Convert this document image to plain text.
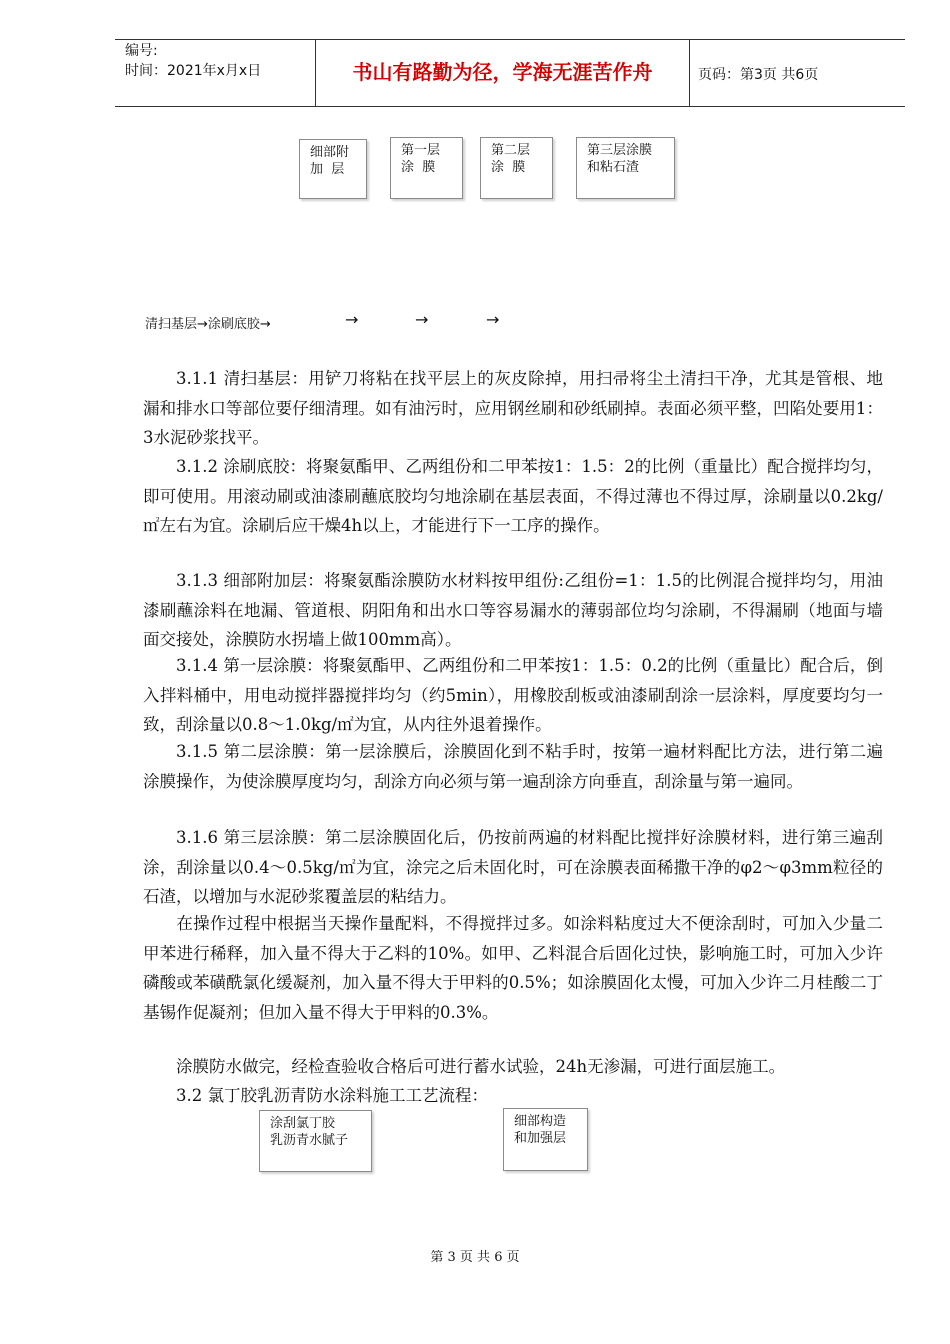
编号:
时间：2021年x月x日	书山有路勤为径，学海无涯苦作舟	页码：第3页 共6页
细部附
加  层
第一层
涂  膜
第二层
涂  膜
第三层涂膜
和粘石渣
清扫基层→涂刷底胶→	→	→	→
3.1.1 清扫基层：用铲刀将粘在找平层上的灰皮除掉，用扫帚将尘土清扫干净，尤其是管根、地漏和排水口等部位要仔细清理。如有油污时，应用钢丝刷和砂纸刷掉。表面必须平整，凹陷处要用1：3水泥砂浆找平。
3.1.2 涂刷底胶：将聚氨酯甲、乙两组份和二甲苯按1：1.5：2的比例（重量比）配合搅拌均匀，即可使用。用滚动刷或油漆刷蘸底胶均匀地涂刷在基层表面，不得过薄也不得过厚，涂刷量以0.2kg/㎡左右为宜。涂刷后应干燥4h以上，才能进行下一工序的操作。
3.1.3 细部附加层：将聚氨酯涂膜防水材料按甲组份:乙组份=1：1.5的比例混合搅拌均匀，用油漆刷蘸涂料在地漏、管道根、阴阳角和出水口等容易漏水的薄弱部位均匀涂刷，不得漏刷（地面与墙面交接处，涂膜防水拐墙上做100mm高）。
3.1.4 第一层涂膜：将聚氨酯甲、乙两组份和二甲苯按1：1.5：0.2的比例（重量比）配合后，倒入拌料桶中，用电动搅拌器搅拌均匀（约5min），用橡胶刮板或油漆刷刮涂一层涂料，厚度要均匀一致，刮涂量以0.8～1.0kg/㎡为宜，从内往外退着操作。
3.1.5 第二层涂膜：第一层涂膜后，涂膜固化到不粘手时，按第一遍材料配比方法，进行第二遍涂膜操作，为使涂膜厚度均匀，刮涂方向必须与第一遍刮涂方向垂直，刮涂量与第一遍同。
3.1.6 第三层涂膜：第二层涂膜固化后，仍按前两遍的材料配比搅拌好涂膜材料，进行第三遍刮涂，刮涂量以0.4～0.5kg/㎡为宜，涂完之后未固化时，可在涂膜表面稀撒干净的φ2～φ3mm粒径的石渣，以增加与水泥砂浆覆盖层的粘结力。
在操作过程中根据当天操作量配料，不得搅拌过多。如涂料粘度过大不便涂刮时，可加入少量二甲苯进行稀释，加入量不得大于乙料的10%。如甲、乙料混合后固化过快，影响施工时，可加入少许磷酸或苯磺酰氯化缓凝剂，加入量不得大于甲料的0.5%；如涂膜固化太慢，可加入少许二月桂酸二丁基锡作促凝剂；但加入量不得大于甲料的0.3%。
涂膜防水做完，经检查验收合格后可进行蓄水试验，24h无渗漏，可进行面层施工。
3.2 氯丁胶乳沥青防水涂料施工工艺流程：
涂刮氯丁胶
乳沥青水腻子
细部构造
和加强层
第 3 页 共 6 页
